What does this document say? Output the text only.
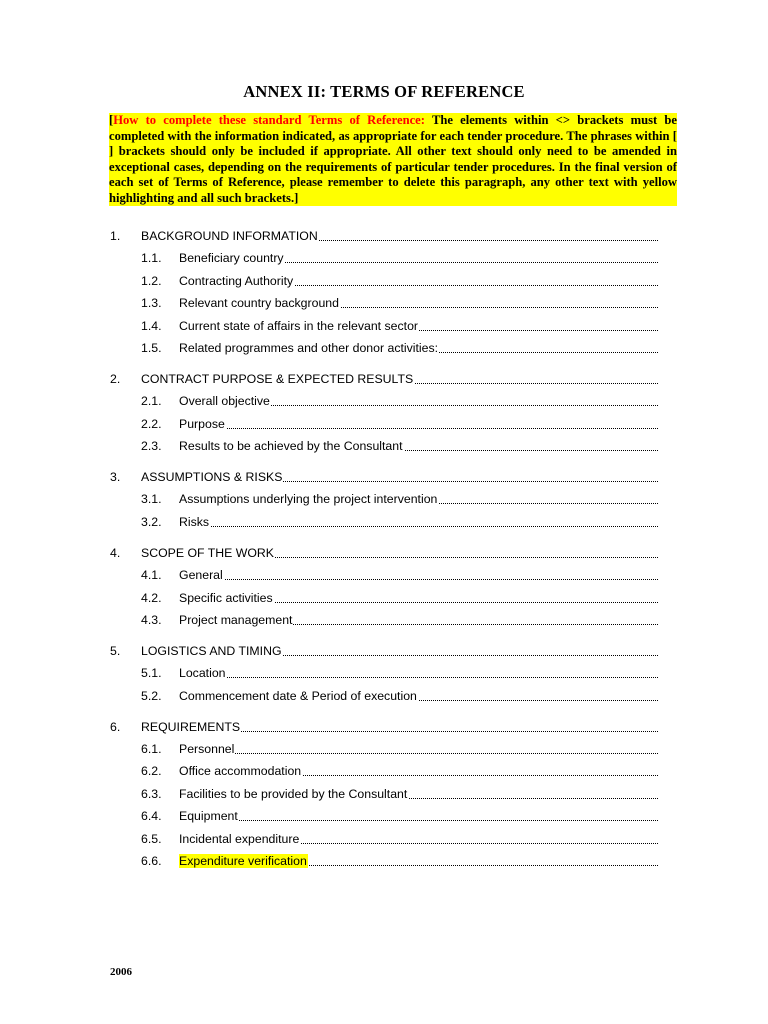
ANNEX II: TERMS OF REFERENCE

[How to complete these standard Terms of Reference: The elements within <> brackets must be completed with the information indicated, as appropriate for each tender procedure. The phrases within [ ] brackets should only be included if appropriate. All other text should only need to be amended in exceptional cases, depending on the requirements of particular tender procedures. In the final version of each set of Terms of Reference, please remember to delete this paragraph, any other text with yellow highlighting and all such brackets.]

1. BACKGROUND INFORMATION
1.1. Beneficiary country
1.2. Contracting Authority
1.3. Relevant country background
1.4. Current state of affairs in the relevant sector
1.5. Related programmes and other donor activities:
2. CONTRACT PURPOSE & EXPECTED RESULTS
2.1. Overall objective
2.2. Purpose
2.3. Results to be achieved by the Consultant
3. ASSUMPTIONS & RISKS
3.1. Assumptions underlying the project intervention
3.2. Risks
4. SCOPE OF THE WORK
4.1. General
4.2. Specific activities
4.3. Project management
5. LOGISTICS AND TIMING
5.1. Location
5.2. Commencement date & Period of execution
6. REQUIREMENTS
6.1. Personnel
6.2. Office accommodation
6.3. Facilities to be provided by the Consultant
6.4. Equipment
6.5. Incidental expenditure
6.6. Expenditure verification
2006
